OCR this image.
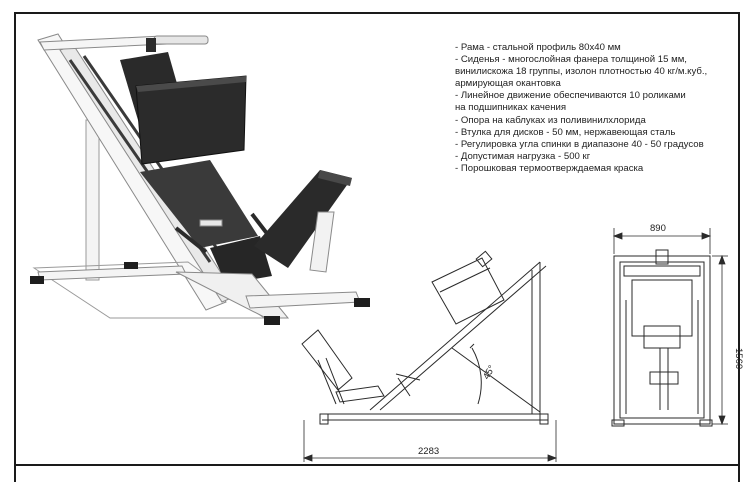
45°
2283
890
1560
- Рама - стальной профиль 80х40 мм
- Сиденья - многослойная фанера толщиной 15 мм,
винилискожа 18 группы, изолон плотностью 40 кг/м.куб.,
армирующая окантовка
- Линейное движение обеспечиваются 10 роликами
на подшипниках качения
- Опора на каблуках из поливинилхлорида
- Втулка для дисков - 50 мм, нержавеющая сталь
- Регулировка угла спинки в диапазоне 40 - 50 градусов
- Допустимая нагрузка - 500 кг
- Порошковая термоотверждаемая краска
